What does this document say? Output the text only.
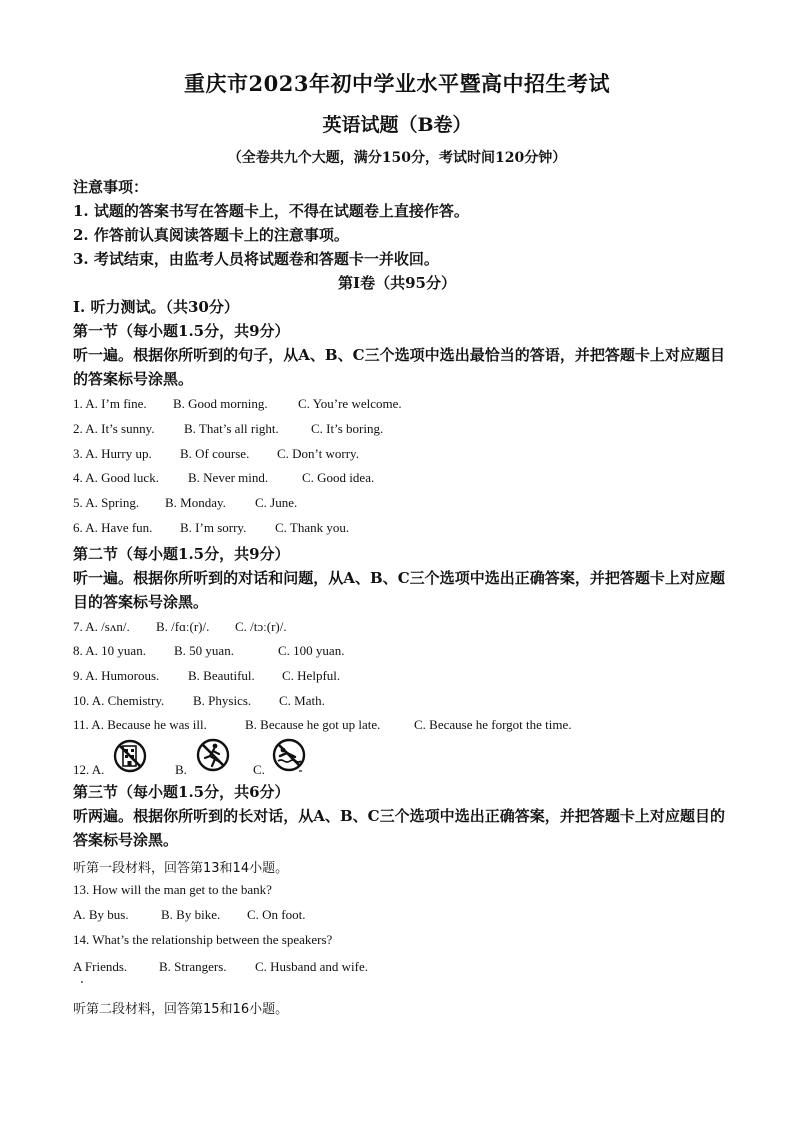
重庆市2023年初中学业水平暨高中招生考试
英语试题（B卷）
（全卷共九个大题，满分150分，考试时间120分钟）
注意事项：
1. 试题的答案书写在答题卡上，不得在试题卷上直接作答。
2. 作答前认真阅读答题卡上的注意事项。
3. 考试结束，由监考人员将试题卷和答题卡一并收回。
第Ⅰ卷（共95分）
Ⅰ. 听力测试。（共30分）
第一节（每小题1.5分，共9分）
听一遍。根据你所听到的句子，从A、B、C三个选项中选出最恰当的答语，并把答题卡上对应题目的答案标号涂黑。
1. A. I’m fine. B. Good morning. C. You’re welcome.
2. A. It’s sunny. B. That’s all right. C. It’s boring.
3. A. Hurry up. B. Of course. C. Don’t worry.
4. A. Good luck. B. Never mind.	C. Good idea.
5. A. Spring. B. Monday. C. June.
6. A. Have fun. B. I’m sorry. C. Thank you.
第二节（每小题1.5分，共9分）
听一遍。根据你所听到的对话和问题，从A、B、C三个选项中选出正确答案，并把答题卡上对应题目的答案标号涂黑。
7. A. /sʌn/. B. /fɑː(r)/. C. /tɔː(r)/.
8. A. 10 yuan. B. 50 yuan.	C. 100 yuan.
9. A. Humorous. B. Beautiful. C. Helpful.
10. A. Chemistry. B. Physics. C. Math.
11. A. Because he was ill.	B. Because he got up late.	C. Because he forgot the time.
12. A.	B.	C.
第三节（每小题1.5分，共6分）
听两遍。根据你所听到的长对话，从A、B、C三个选项中选出正确答案，并把答题卡上对应题目的答案标号涂黑。
听第一段材料，回答第13和14小题。
13. How will the man get to the bank?
A. By bus. B. By bike. C. On foot.
14. What’s the relationship between the speakers?
A Friends. B. Strangers. C. Husband and wife.
听第二段材料，回答第15和16小题。
